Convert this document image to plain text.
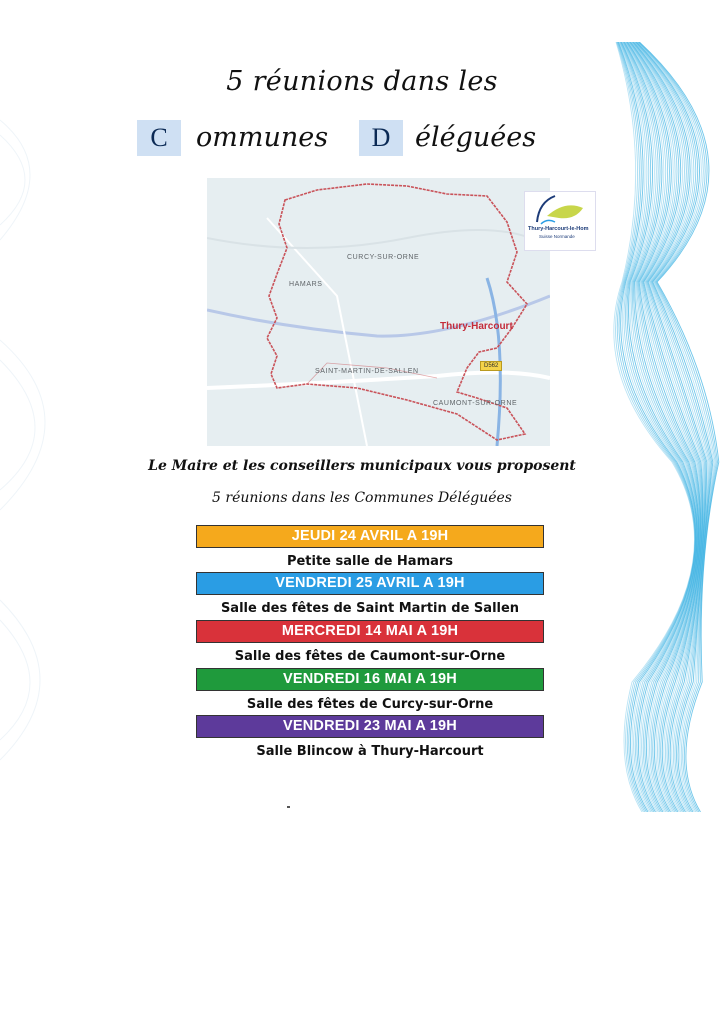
5 réunions dans les
C	ommunes	D éléguées
CURCY-SUR-ORNE
HAMARS
Thury-Harcourt
SAINT-MARTIN-DE-SALLEN
CAUMONT-SUR-ORNE
D562
Thury-Harcourt-le-Hom
Suisse Normande
Le Maire et les conseillers municipaux vous proposent
5 réunions dans les Communes Déléguées
JEUDI 24 AVRIL A 19H
Petite salle de Hamars
VENDREDI 25 AVRIL A 19H
Salle des fêtes de Saint Martin de Sallen
MERCREDI 14 MAI A 19H
Salle des fêtes de Caumont-sur-Orne
VENDREDI 16 MAI A 19H
Salle des fêtes de Curcy-sur-Orne
VENDREDI 23 MAI A 19H
Salle Blincow à Thury-Harcourt
